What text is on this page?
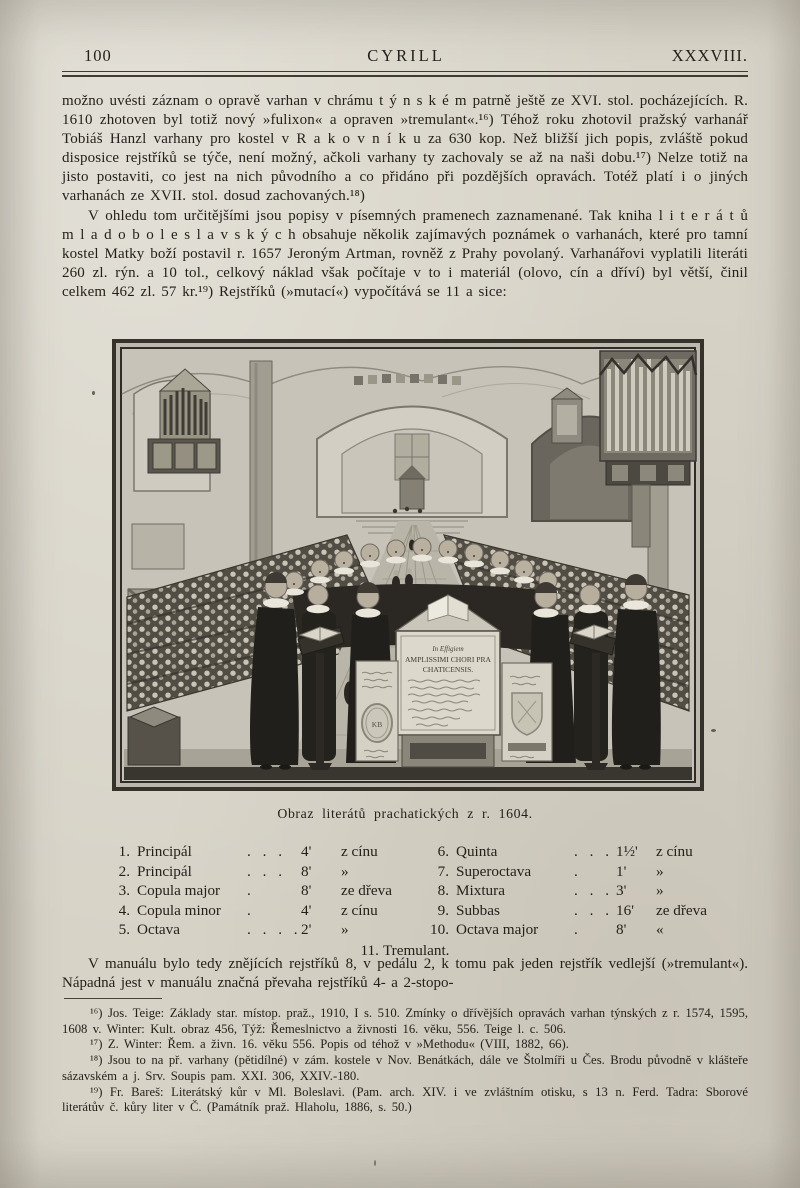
100	CYRILL	XXXVIII.

možno uvésti záznam o opravě varhan v chrámu t ý n s k é m patrně ještě ze XVI. stol. pocházejících. R. 1610 zhotoven byl totiž nový »fulixon« a opraven »tremulant«.¹⁶) Téhož roku zhotovil pražský varhanář Tobiáš Hanzl varhany pro kostel v R a k o v n í k u za 630 kop. Než bližší jich popis, zvláště pokud disposice rejstříků se týče, není možný, ačkoli varhany ty zachovaly se až na naši dobu.¹⁷) Nelze totiž na jisto postaviti, co jest na nich původního a co přidáno při pozdějších opravách. Totéž platí i o jiných varhanách ze XVII. stol. dosud zachovaných.¹⁸)

V ohledu tom určitějšími jsou popisy v písemných pramenech zaznamenané. Tak kniha l i t e r á t ů m l a d o b o l e s l a v s k ý c h obsahuje několik zajímavých poznámek o varhanách, které pro tamní kostel Matky boží postavil r. 1657 Jeroným Artman, rovněž z Prahy povolaný. Varhanářovi vyplatili literáti 260 zl. rýn. a 10 tol., celkový náklad však počítaje v to i materiál (olovo, cín a dříví) byl větší, činil celkem 462 zl. 57 kr.¹⁹) Rejstříků (»mutací«) vypočítává se 11 a sice:

In Effigiem
AMPLISSIMI CHORI PRA
CHATICENSIS.
KB
Obraz literátů prachatických z r. 1604.
1. Principál	. . . 4'	z cínu
2. Principál	. . . 8'	»
3. Copula major	.	8'	ze dřeva
4. Copula minor	.	4'	z cínu
5. Octava	. . . . 2'	»
6. Quinta	. . . 1½'	z cínu
7. Superoctava	.	1'	»
8. Mixtura	. . . 3'	»
9. Subbas	. . . 16'	ze dřeva
10. Octava major	.	8'	«
11. Tremulant.

V manuálu bylo tedy znějících rejstříků 8, v pedálu 2, k tomu pak jeden rejstřík vedlejší (»tremulant«). Nápadná jest v manuálu značná převaha rejstříků 4- a 2-stopo-

¹⁶) Jos. Teige: Základy star. místop. praž., 1910, I s. 510. Zmínky o dřívějších opravách varhan týnských z r. 1574, 1595, 1608 v. Winter: Kult. obraz 456, Týž: Řemeslnictvo a živnosti 16. věku, 556. Teige l. c. 506.

¹⁷) Z. Winter: Řem. a živn. 16. věku 556. Popis od téhož v »Methodu« (VIII, 1882, 66).

¹⁸) Jsou to na př. varhany (pětidílné) v zám. kostele v Nov. Benátkách, dále ve Štolmíři u Čes. Brodu původně v klášteře sázavském a j. Srv. Soupis pam. XXI. 306, XXIV.-180.

¹⁹) Fr. Bareš: Literátský kůr v Ml. Boleslavi. (Pam. arch. XIV. i ve zvláštním otisku, s 13 n. Ferd. Tadra: Sborové literátův č. kůry liter v Č. (Památník praž. Hlaholu, 1886, s. 50.)
